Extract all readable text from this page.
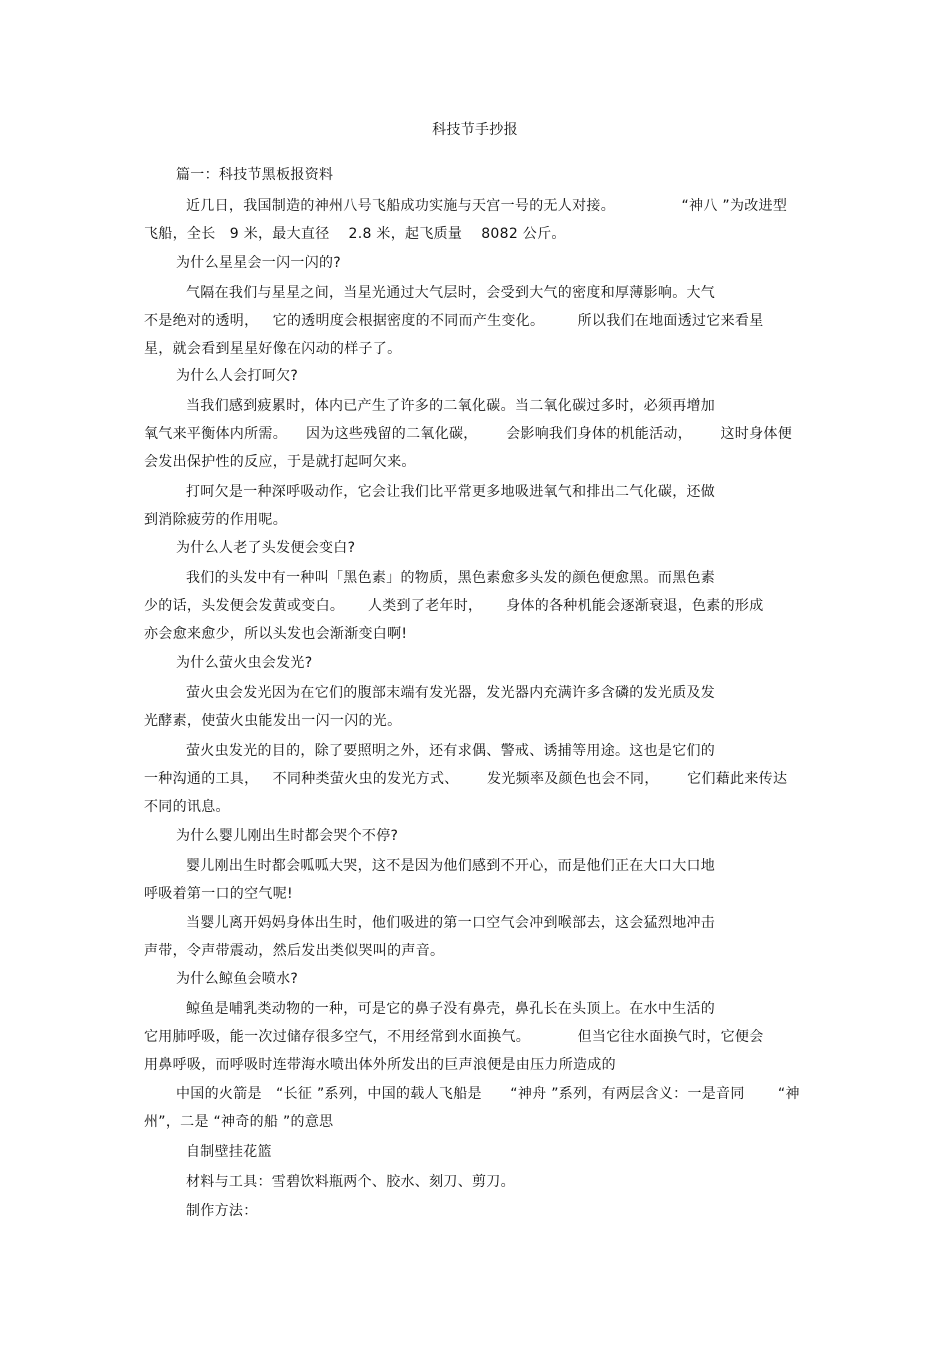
科技节手抄报
篇一：科技节黑板报资料
近几日，我国制造的神州八号飞船成功实施与天宫一号的无人对接。              “神八 ”为改进型
飞船，全长   9 米，最大直径    2.8 米，起飞质量    8082 公斤。
为什么星星会一闪一闪的?
气隔在我们与星星之间，当星光通过大气层时，会受到大气的密度和厚薄影响。大气
不是绝对的透明，   它的透明度会根据密度的不同而产生变化。       所以我们在地面透过它来看星
星，就会看到星星好像在闪动的样子了。
为什么人会打呵欠?
当我们感到疲累时，体内已产生了许多的二氧化碳。当二氧化碳过多时，必须再增加
氧气来平衡体内所需。    因为这些残留的二氧化碳，      会影响我们身体的机能活动，      这时身体便
会发出保护性的反应，于是就打起呵欠来。
打呵欠是一种深呼吸动作，它会让我们比平常更多地吸进氧气和排出二气化碳，还做
到消除疲劳的作用呢。
为什么人老了头发便会变白?
我们的头发中有一种叫「黑色素」的物质，黑色素愈多头发的颜色便愈黑。而黑色素
少的话，头发便会发黄或变白。     人类到了老年时，     身体的各种机能会逐渐衰退，色素的形成
亦会愈来愈少，所以头发也会渐渐变白啊!
为什么萤火虫会发光?
萤火虫会发光因为在它们的腹部末端有发光器，发光器内充满许多含磷的发光质及发
光酵素，使萤火虫能发出一闪一闪的光。
萤火虫发光的目的，除了要照明之外，还有求偶、警戒、诱捕等用途。这也是它们的
一种沟通的工具，   不同种类萤火虫的发光方式、      发光频率及颜色也会不同，      它们藉此来传达
不同的讯息。
为什么婴儿刚出生时都会哭个不停?
婴儿刚出生时都会呱呱大哭，这不是因为他们感到不开心，而是他们正在大口大口地
呼吸着第一口的空气呢!
当婴儿离开妈妈身体出生时，他们吸进的第一口空气会冲到喉部去，这会猛烈地冲击
声带，令声带震动，然后发出类似哭叫的声音。
为什么鲸鱼会喷水?
鲸鱼是哺乳类动物的一种，可是它的鼻子没有鼻壳，鼻孔长在头顶上。在水中生活的
它用肺呼吸，能一次过储存很多空气，不用经常到水面换气。          但当它往水面换气时，它便会
用鼻呼吸，而呼吸时连带海水喷出体外所发出的巨声浪便是由压力所造成的
中国的火箭是   “长征 ”系列，中国的载人飞船是      “神舟 ”系列，有两层含义：一是音同       “神
州”，二是 “神奇的船 ”的意思
自制壁挂花篮
材料与工具：雪碧饮料瓶两个、胶水、刻刀、剪刀。
制作方法：
